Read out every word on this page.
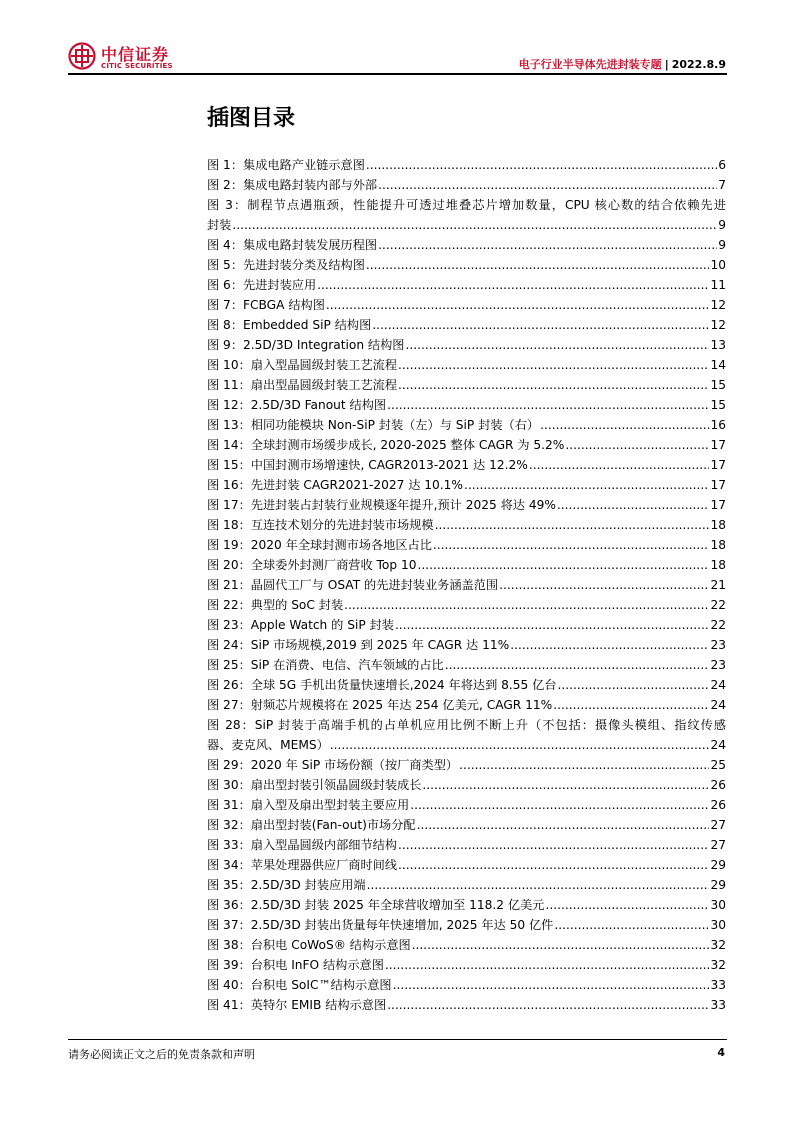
中信证券
CITIC SECURITIES	电子行业半导体先进封装专题 | 2022.8.9
插图目录
图 1：集成电路产业链示意图 .....	6
图 2：集成电路封装内部与外部 .....	7
图 3：制程节点遇瓶颈，性能提升可透过堆叠芯片增加数量，CPU 核心数的结合依赖先进
封装 .....	9
图 4：集成电路封装发展历程图 .....	9
图 5：先进封装分类及结构图 .....	10
图 6：先进封装应用 .....	11
图 7：FCBGA 结构图 .....	12
图 8：Embedded SiP 结构图 .....	12
图 9：2.5D/3D Integration 结构图 .....	13
图 10：扇入型晶圆级封装工艺流程 .....	14
图 11：扇出型晶圆级封装工艺流程 .....	15
图 12：2.5D/3D Fanout 结构图 .....	15
图 13：相同功能模块 Non-SiP 封装（左）与 SiP 封装（右） .....	16
图 14：全球封测市场缓步成长, 2020-2025 整体 CAGR 为 5.2% .....	17
图 15：中国封测市场增速快, CAGR2013-2021 达 12.2% .....	17
图 16：先进封装 CAGR2021-2027 达 10.1% .....	17
图 17：先进封装占封装行业规模逐年提升,预计 2025 将达 49% .....	17
图 18：互连技术划分的先进封装市场规模 .....	18
图 19：2020 年全球封测市场各地区占比 .....	18
图 20：全球委外封测厂商营收 Top 10 .....	18
图 21：晶圆代工厂与 OSAT 的先进封装业务涵盖范围 .....	21
图 22：典型的 SoC 封装 .....	22
图 23：Apple Watch 的 SiP 封装 .....	22
图 24：SiP 市场规模,2019 到 2025 年 CAGR 达 11% .....	23
图 25：SiP 在消费、电信、汽车领域的占比 .....	23
图 26：全球 5G 手机出货量快速增长,2024 年将达到 8.55 亿台 .....	24
图 27：射频芯片规模将在 2025 年达 254 亿美元, CAGR 11% .....	24
图 28：SiP 封装于高端手机的占单机应用比例不断上升（不包括：摄像头模组、指纹传感
器、麦克风、MEMS） .....	24
图 29：2020 年 SiP 市场份额（按厂商类型） .....	25
图 30：扇出型封装引领晶圆级封装成长 .....	26
图 31：扇入型及扇出型封装主要应用 .....	26
图 32：扇出型封装(Fan-out)市场分配 .....	27
图 33：扇入型晶圆级内部细节结构 .....	27
图 34：苹果处理器供应厂商时间线 .....	29
图 35：2.5D/3D 封装应用端 .....	29
图 36：2.5D/3D 封装 2025 年全球营收增加至 118.2 亿美元 .....	30
图 37：2.5D/3D 封装出货量每年快速增加, 2025 年达 50 亿件 .....	30
图 38：台积电 CoWoS® 结构示意图 .....	32
图 39：台积电 InFO 结构示意图 .....	32
图 40：台积电 SoIC™结构示意图 .....	33
图 41：英特尔 EMIB 结构示意图 .....	33
请务必阅读正文之后的免责条款和声明	4
